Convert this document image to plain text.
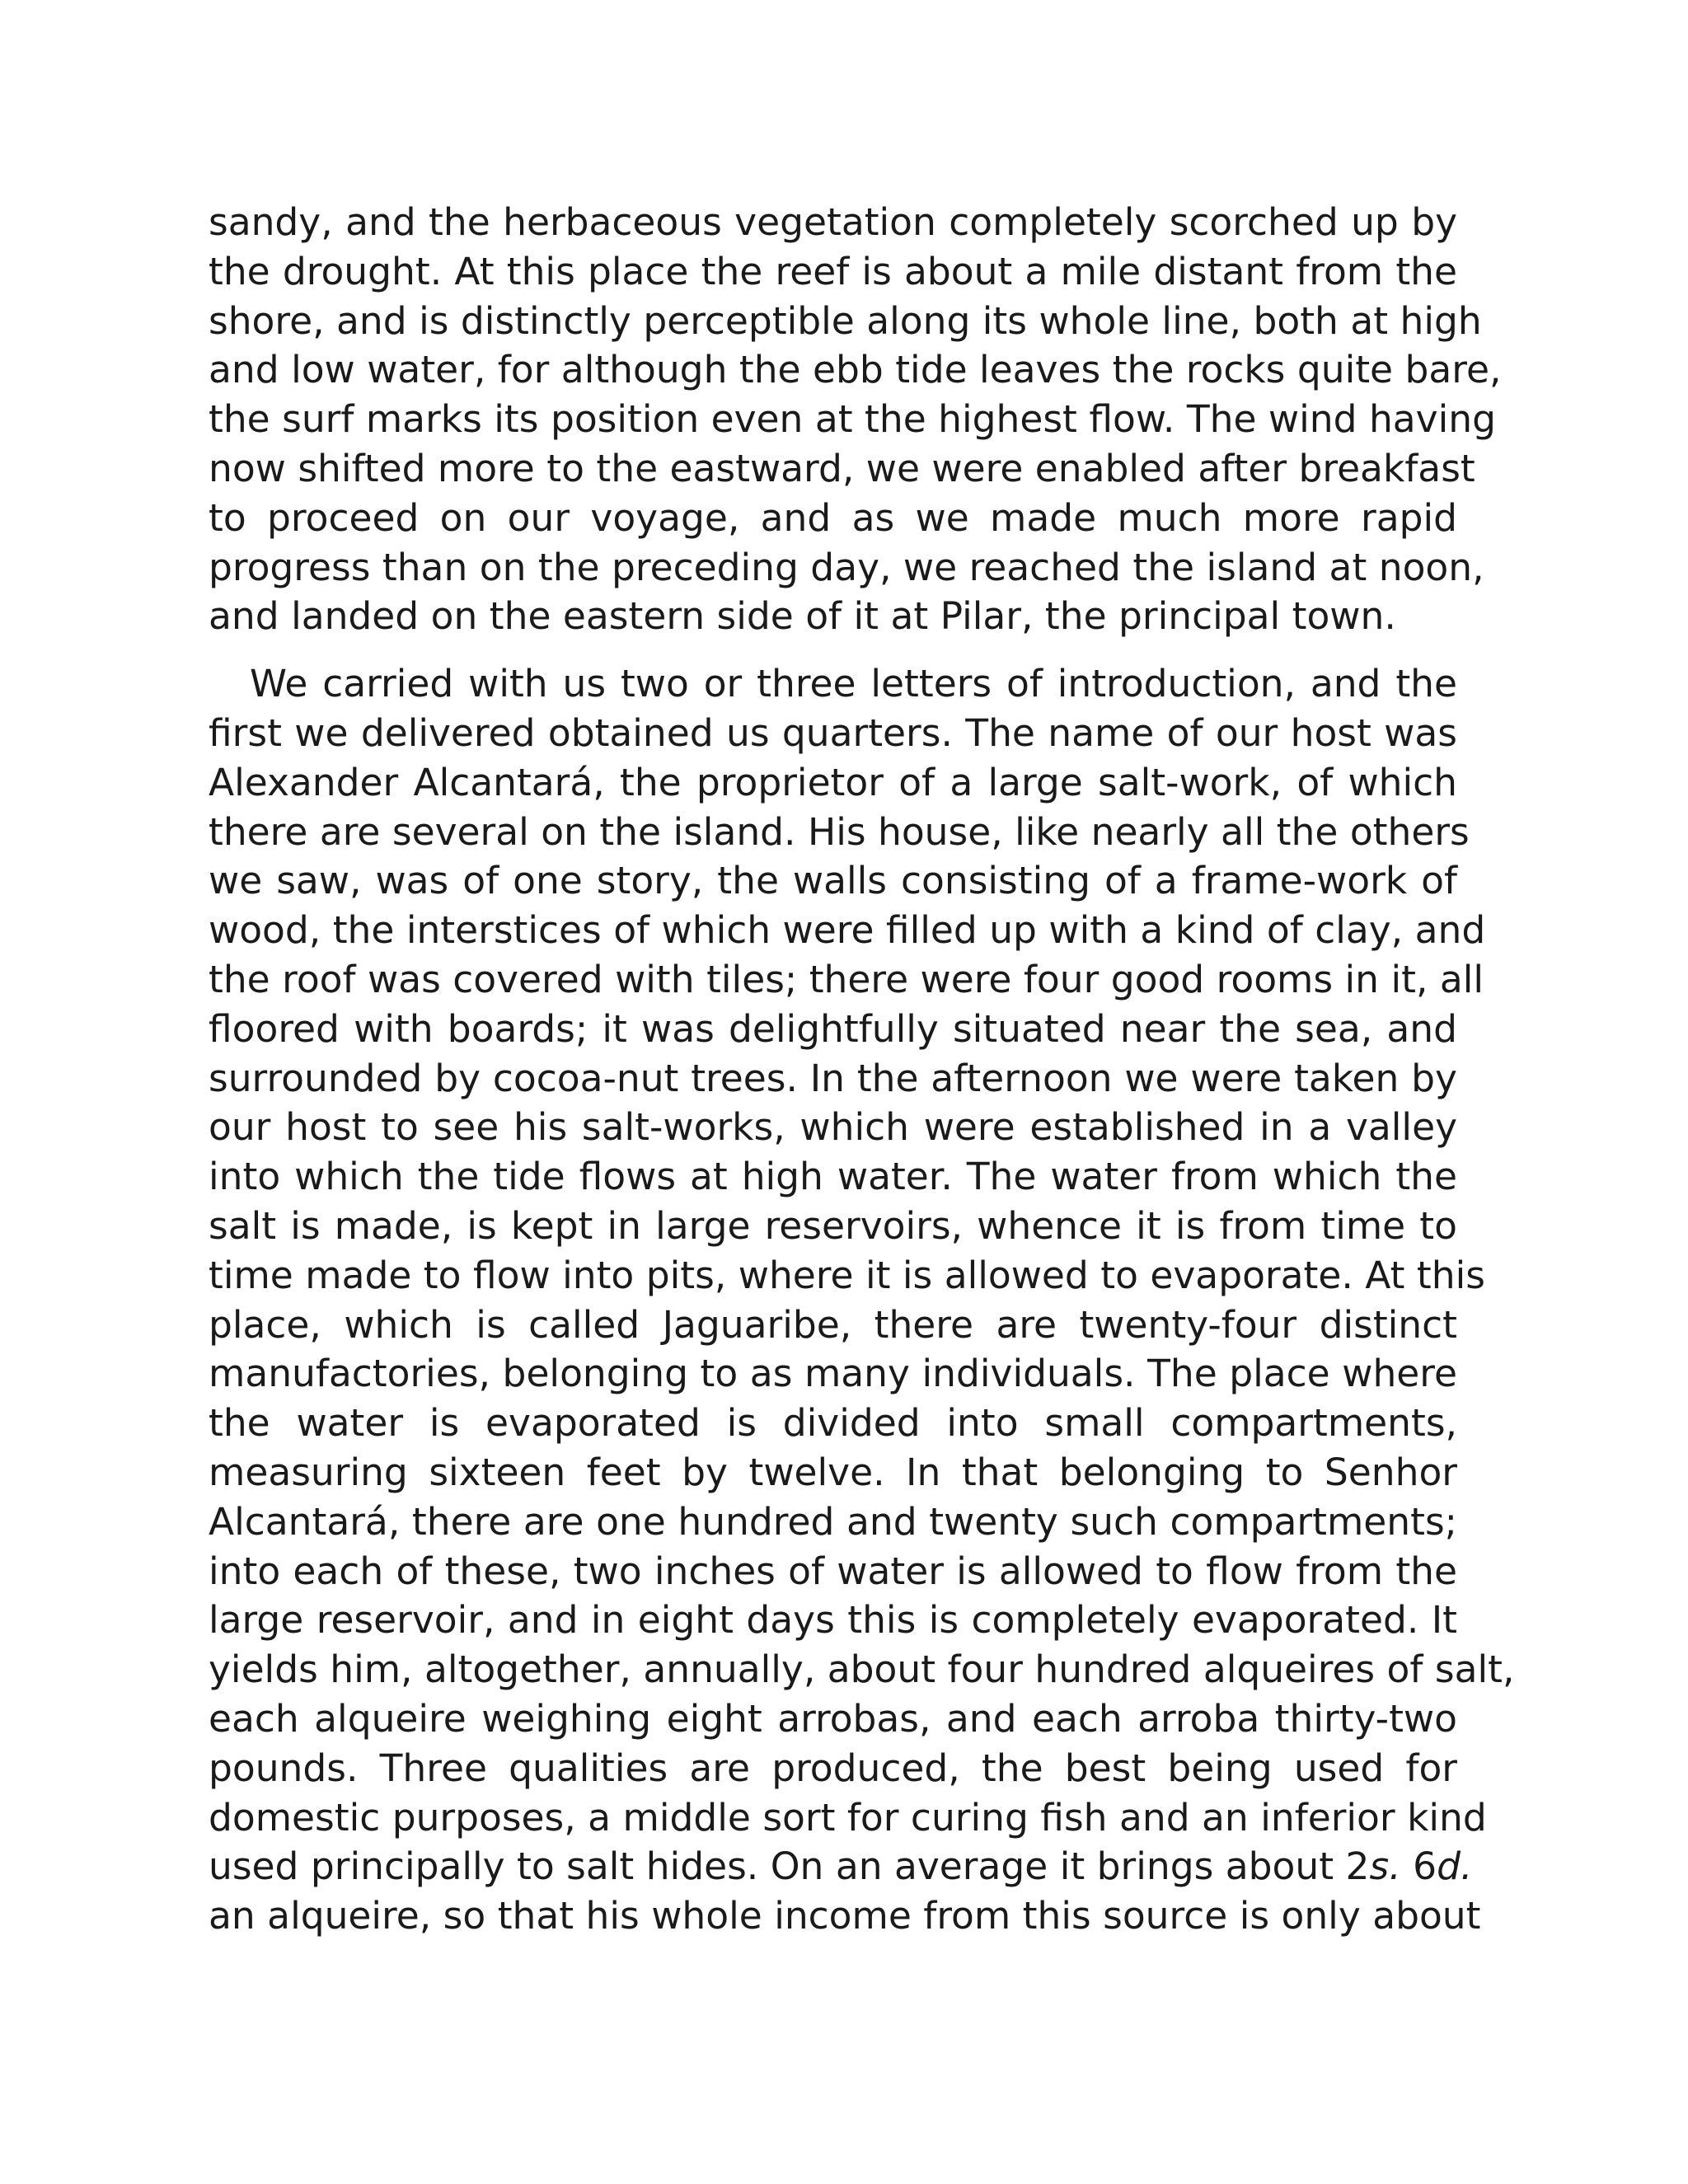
sandy, and the herbaceous vegetation completely scorched up by
the drought. At this place the reef is about a mile distant from the
shore, and is distinctly perceptible along its whole line, both at high
and low water, for although the ebb tide leaves the rocks quite bare,
the surf marks its position even at the highest flow. The wind having
now shifted more to the eastward, we were enabled after breakfast
to proceed on our voyage, and as we made much more rapid
progress than on the preceding day, we reached the island at noon,
and landed on the eastern side of it at Pilar, the principal town.
We carried with us two or three letters of introduction, and the
first we delivered obtained us quarters. The name of our host was
Alexander Alcantará, the proprietor of a large salt-work, of which
there are several on the island. His house, like nearly all the others
we saw, was of one story, the walls consisting of a frame-work of
wood, the interstices of which were filled up with a kind of clay, and
the roof was covered with tiles; there were four good rooms in it, all
floored with boards; it was delightfully situated near the sea, and
surrounded by cocoa-nut trees. In the afternoon we were taken by
our host to see his salt-works, which were established in a valley
into which the tide flows at high water. The water from which the
salt is made, is kept in large reservoirs, whence it is from time to
time made to flow into pits, where it is allowed to evaporate. At this
place, which is called Jaguaribe, there are twenty-four distinct
manufactories, belonging to as many individuals. The place where
the water is evaporated is divided into small compartments,
measuring sixteen feet by twelve. In that belonging to Senhor
Alcantará, there are one hundred and twenty such compartments;
into each of these, two inches of water is allowed to flow from the
large reservoir, and in eight days this is completely evaporated. It
yields him, altogether, annually, about four hundred alqueires of salt,
each alqueire weighing eight arrobas, and each arroba thirty-two
pounds. Three qualities are produced, the best being used for
domestic purposes, a middle sort for curing fish and an inferior kind
used principally to salt hides. On an average it brings about 2s. 6d.
an alqueire, so that his whole income from this source is only about
